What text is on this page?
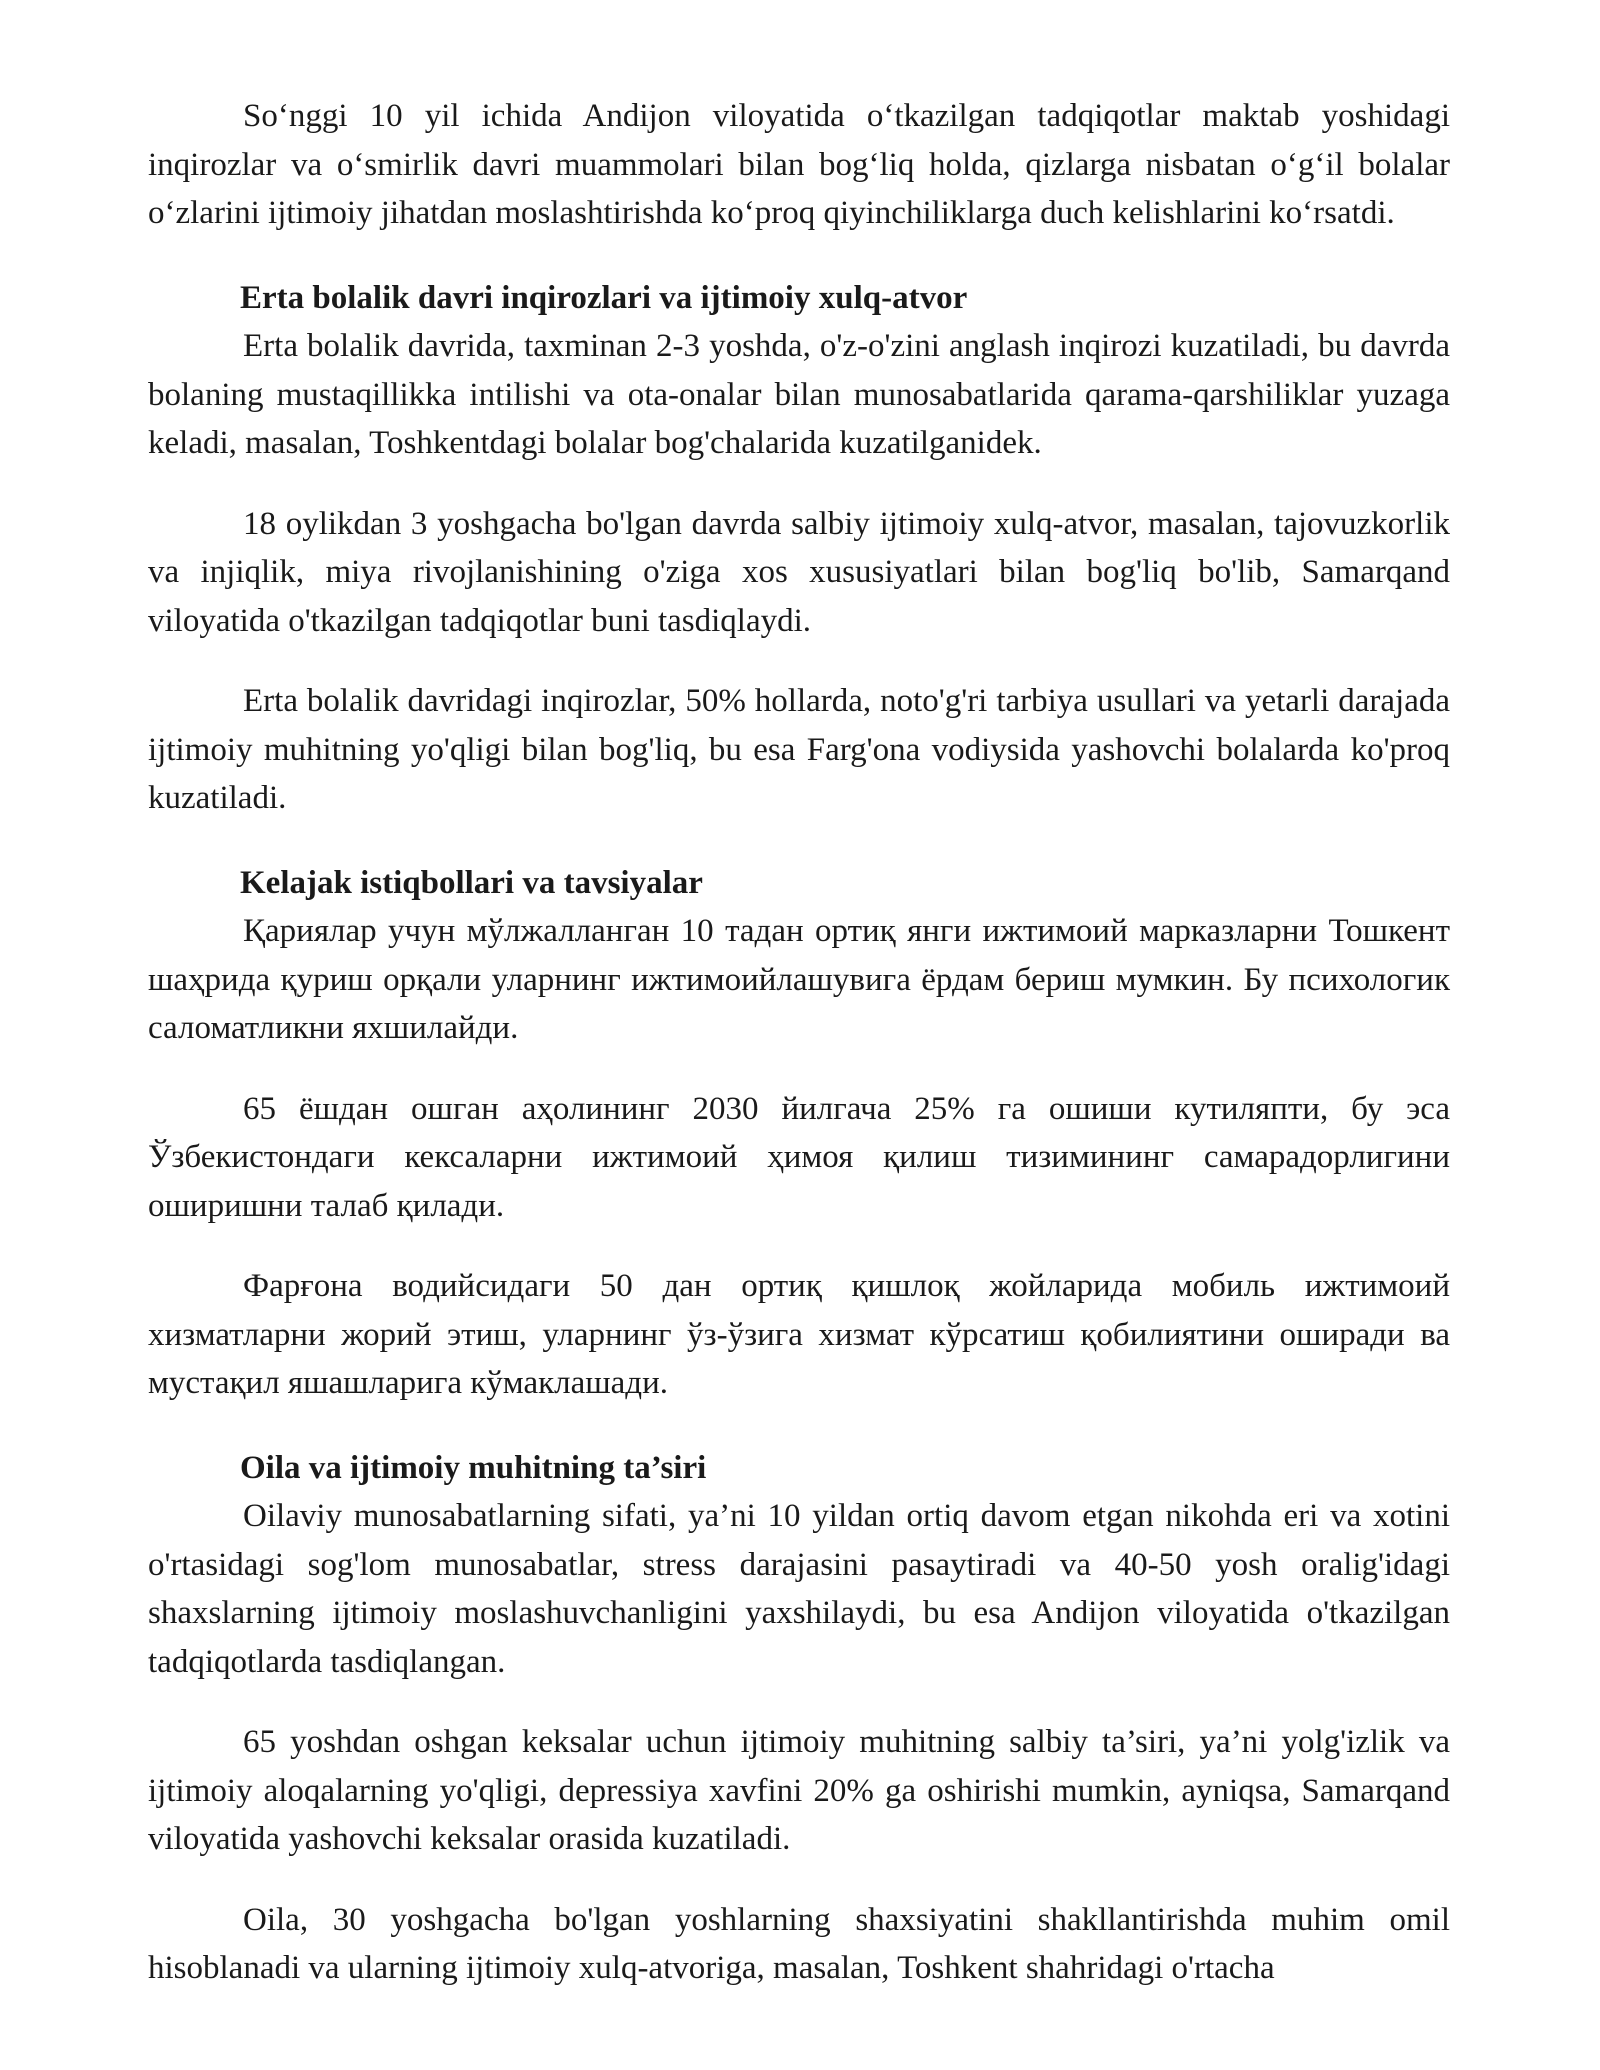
So‘nggi 10 yil ichida Andijon viloyatida o‘tkazilgan tadqiqotlar maktab yoshidagi inqirozlar va o‘smirlik davri muammolari bilan bog‘liq holda, qizlarga nisbatan o‘g‘il bolalar o‘zlarini ijtimoiy jihatdan moslashtirishda ko‘proq qiyinchiliklarga duch kelishlarini ko‘rsatdi.

Erta bolalik davri inqirozlari va ijtimoiy xulq-atvor

Erta bolalik davrida, taxminan 2-3 yoshda, o'z-o'zini anglash inqirozi kuzatiladi, bu davrda bolaning mustaqillikka intilishi va ota-onalar bilan munosabatlarida qarama-qarshiliklar yuzaga keladi, masalan, Toshkentdagi bolalar bog'chalarida kuzatilganidek.

18 oylikdan 3 yoshgacha bo'lgan davrda salbiy ijtimoiy xulq-atvor, masalan, tajovuzkorlik va injiqlik, miya rivojlanishining o'ziga xos xususiyatlari bilan bog'liq bo'lib, Samarqand viloyatida o'tkazilgan tadqiqotlar buni tasdiqlaydi.

Erta bolalik davridagi inqirozlar, 50% hollarda, noto'g'ri tarbiya usullari va yetarli darajada ijtimoiy muhitning yo'qligi bilan bog'liq, bu esa Farg'ona vodiysida yashovchi bolalarda ko'proq kuzatiladi.

Kelajak istiqbollari va tavsiyalar

Қариялар учун мўлжалланган 10 тадан ортиқ янги ижтимоий марказларни Тошкент шаҳрида қуриш орқали уларнинг ижтимоийлашувига ёрдам бериш мумкин. Бу психологик саломатликни яхшилайди.

65 ёшдан ошган аҳолининг 2030 йилгача 25% га ошиши кутиляпти, бу эса Ўзбекистондаги кексаларни ижтимоий ҳимоя қилиш тизимининг самарадорлигини оширишни талаб қилади.

Фарғона водийсидаги 50 дан ортиқ қишлоқ жойларида мобиль ижтимоий хизматларни жорий этиш, уларнинг ўз-ўзига хизмат кўрсатиш қобилиятини оширади ва мустақил яшашларига кўмаклашади.

Oila va ijtimoiy muhitning ta’siri

Oilaviy munosabatlarning sifati, ya’ni 10 yildan ortiq davom etgan nikohda eri va xotini o'rtasidagi sog'lom munosabatlar, stress darajasini pasaytiradi va 40-50 yosh oralig'idagi shaxslarning ijtimoiy moslashuvchanligini yaxshilaydi, bu esa Andijon viloyatida o'tkazilgan tadqiqotlarda tasdiqlangan.

65 yoshdan oshgan keksalar uchun ijtimoiy muhitning salbiy ta’siri, ya’ni yolg'izlik va ijtimoiy aloqalarning yo'qligi, depressiya xavfini 20% ga oshirishi mumkin, ayniqsa, Samarqand viloyatida yashovchi keksalar orasida kuzatiladi.

Oila, 30 yoshgacha bo'lgan yoshlarning shaxsiyatini shakllantirishda muhim omil hisoblanadi va ularning ijtimoiy xulq-atvoriga, masalan, Toshkent shahridagi o'rtacha
